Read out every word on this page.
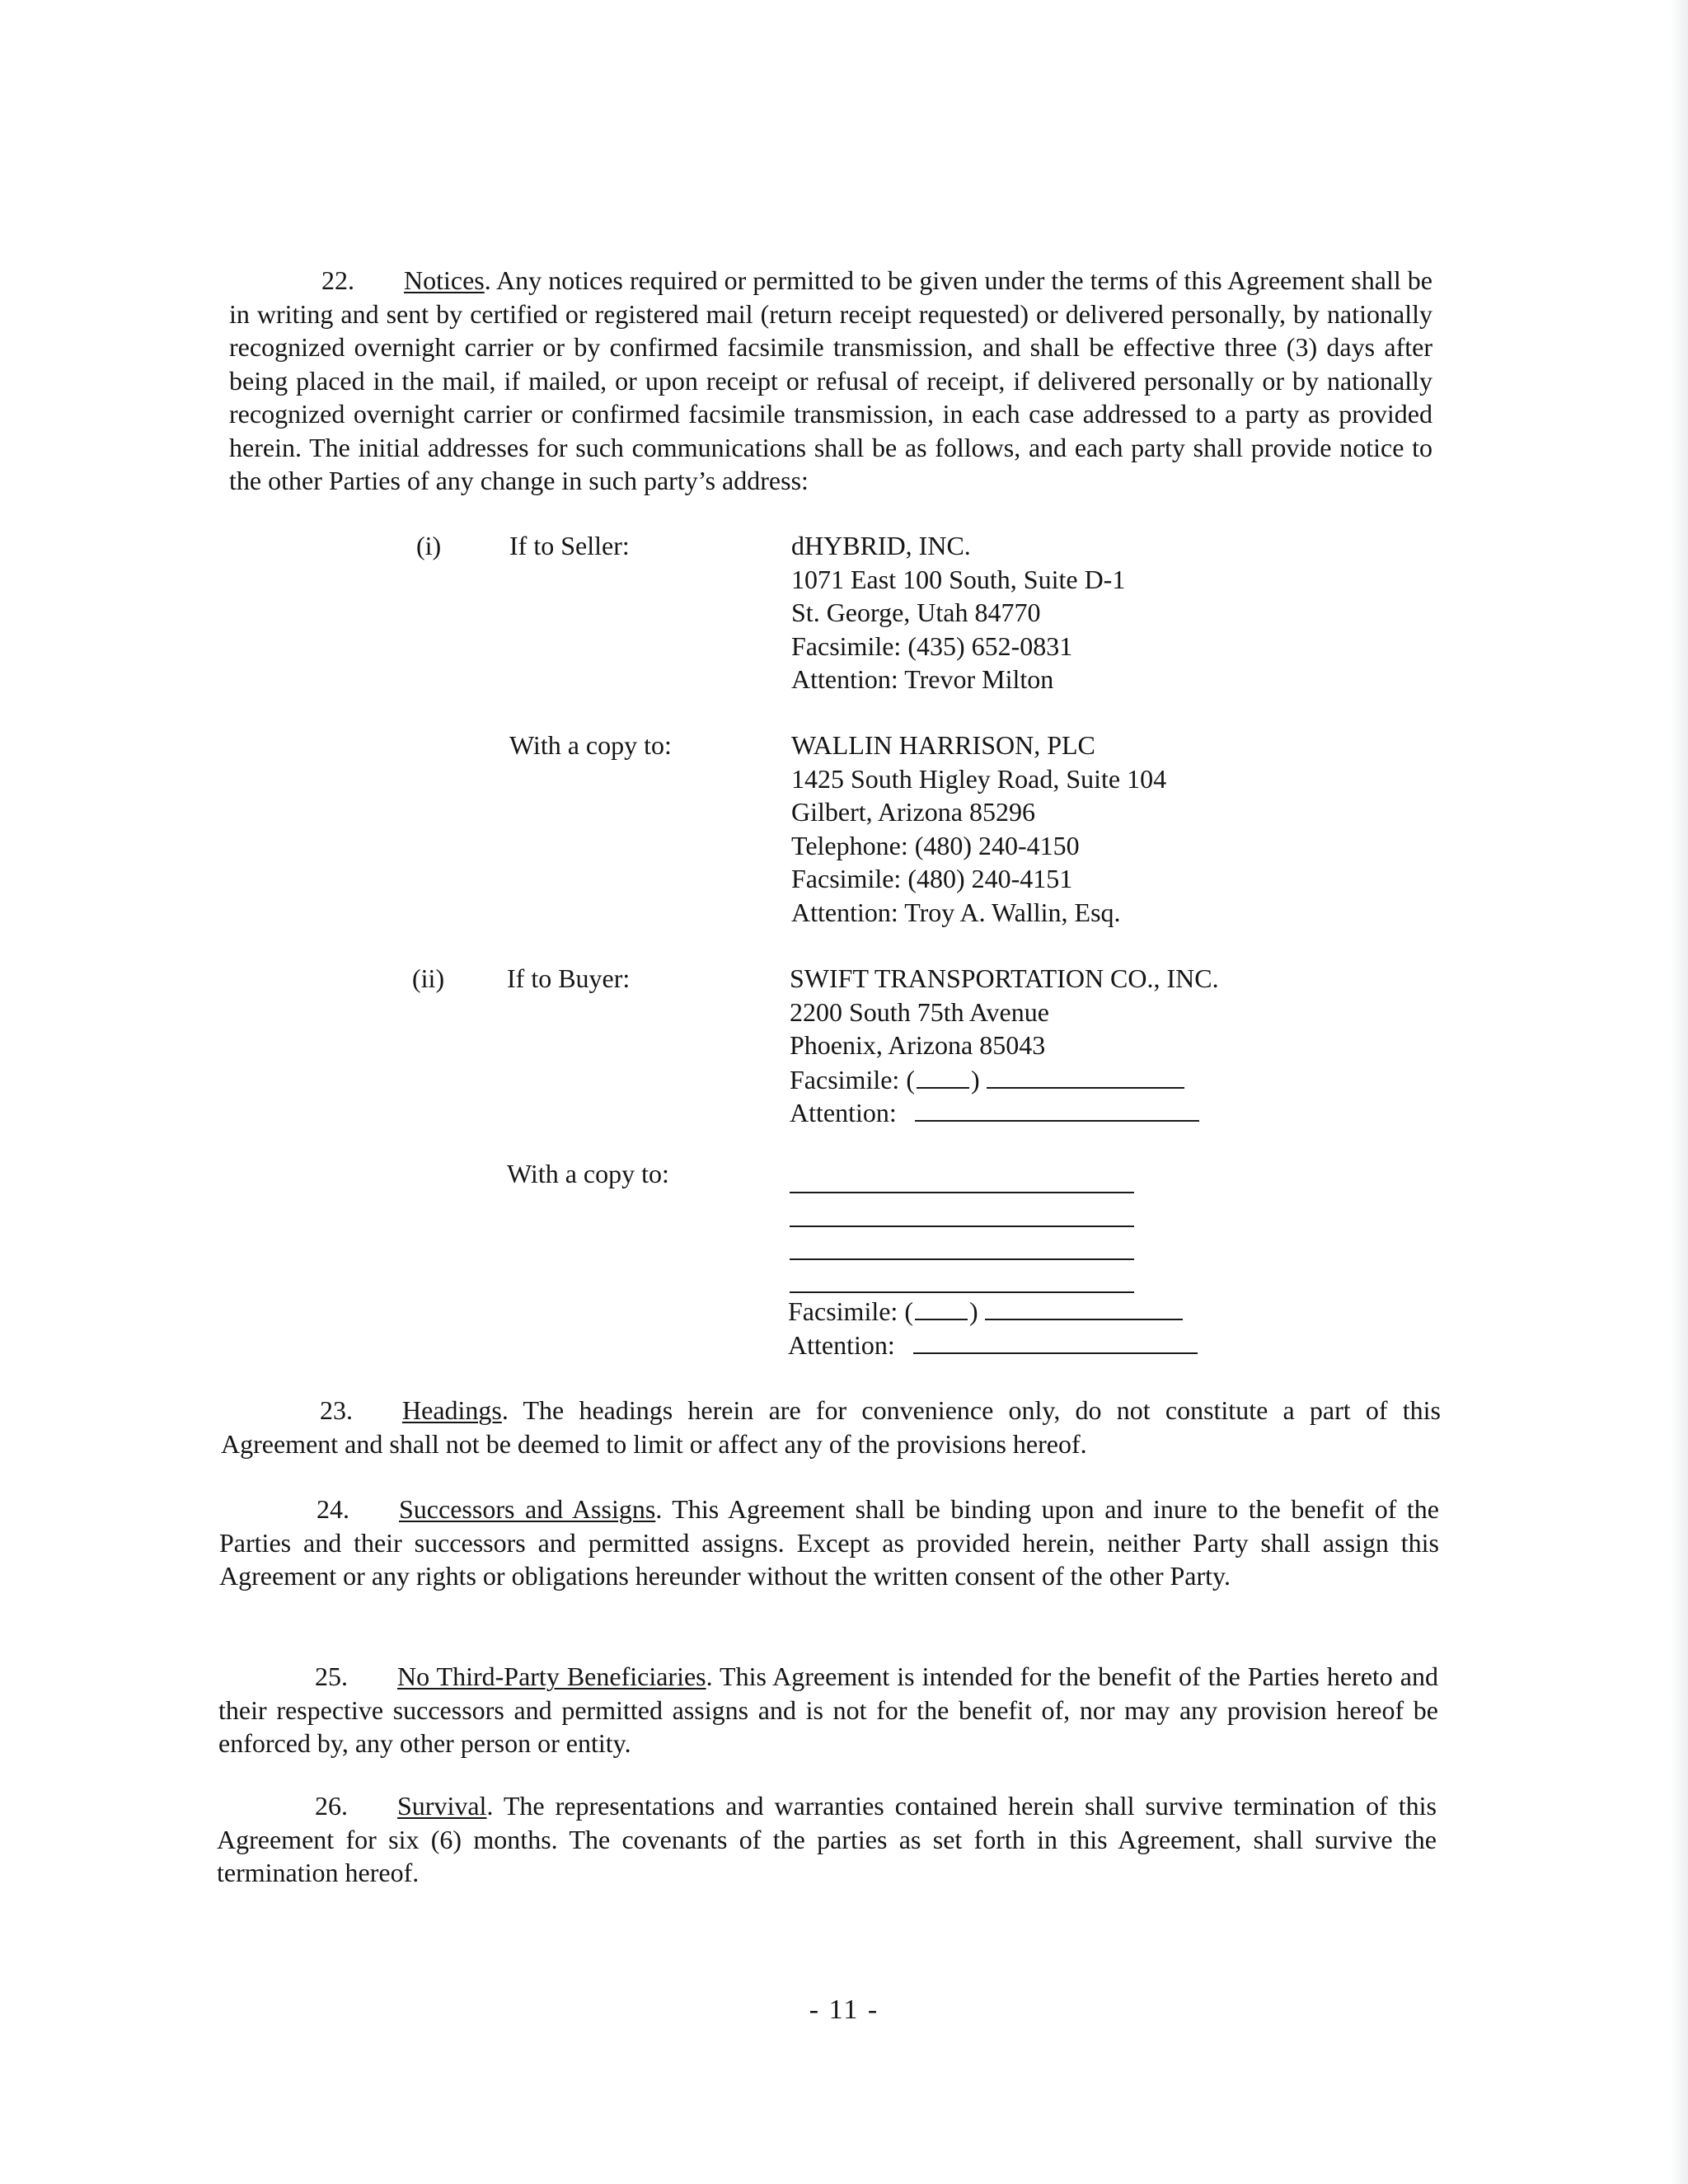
22. Notices. Any notices required or permitted to be given under the terms of this Agreement shall be in writing and sent by certified or registered mail (return receipt requested) or delivered personally, by nationally recognized overnight carrier or by confirmed facsimile transmission, and shall be effective three (3) days after being placed in the mail, if mailed, or upon receipt or refusal of receipt, if delivered personally or by nationally recognized overnight carrier or confirmed facsimile transmission, in each case addressed to a party as provided herein. The initial addresses for such communications shall be as follows, and each party shall provide notice to the other Parties of any change in such party’s address:
(i)	If to Seller:	dHYBRID, INC.
1071 East 100 South, Suite D-1
St. George, Utah 84770
Facsimile: (435) 652-0831
Attention: Trevor Milton
With a copy to:	WALLIN HARRISON, PLC
1425 South Higley Road, Suite 104
Gilbert, Arizona 85296
Telephone: (480) 240-4150
Facsimile: (480) 240-4151
Attention: Troy A. Wallin, Esq.
(ii) If to Buyer:	SWIFT TRANSPORTATION CO., INC.
2200 South 75th Avenue
Phoenix, Arizona 85043
Facsimile: ( )
Attention:
With a copy to:
Facsimile: ( )
Attention:
23. Headings. The headings herein are for convenience only, do not constitute a part of this Agreement and shall not be deemed to limit or affect any of the provisions hereof.
24. Successors and Assigns. This Agreement shall be binding upon and inure to the benefit of the Parties and their successors and permitted assigns. Except as provided herein, neither Party shall assign this Agreement or any rights or obligations hereunder without the written consent of the other Party.
25. No Third-Party Beneficiaries. This Agreement is intended for the benefit of the Parties hereto and their respective successors and permitted assigns and is not for the benefit of, nor may any provision hereof be enforced by, any other person or entity.
26. Survival. The representations and warranties contained herein shall survive termination of this Agreement for six (6) months. The covenants of the parties as set forth in this Agreement, shall survive the termination hereof.
- 11 -
